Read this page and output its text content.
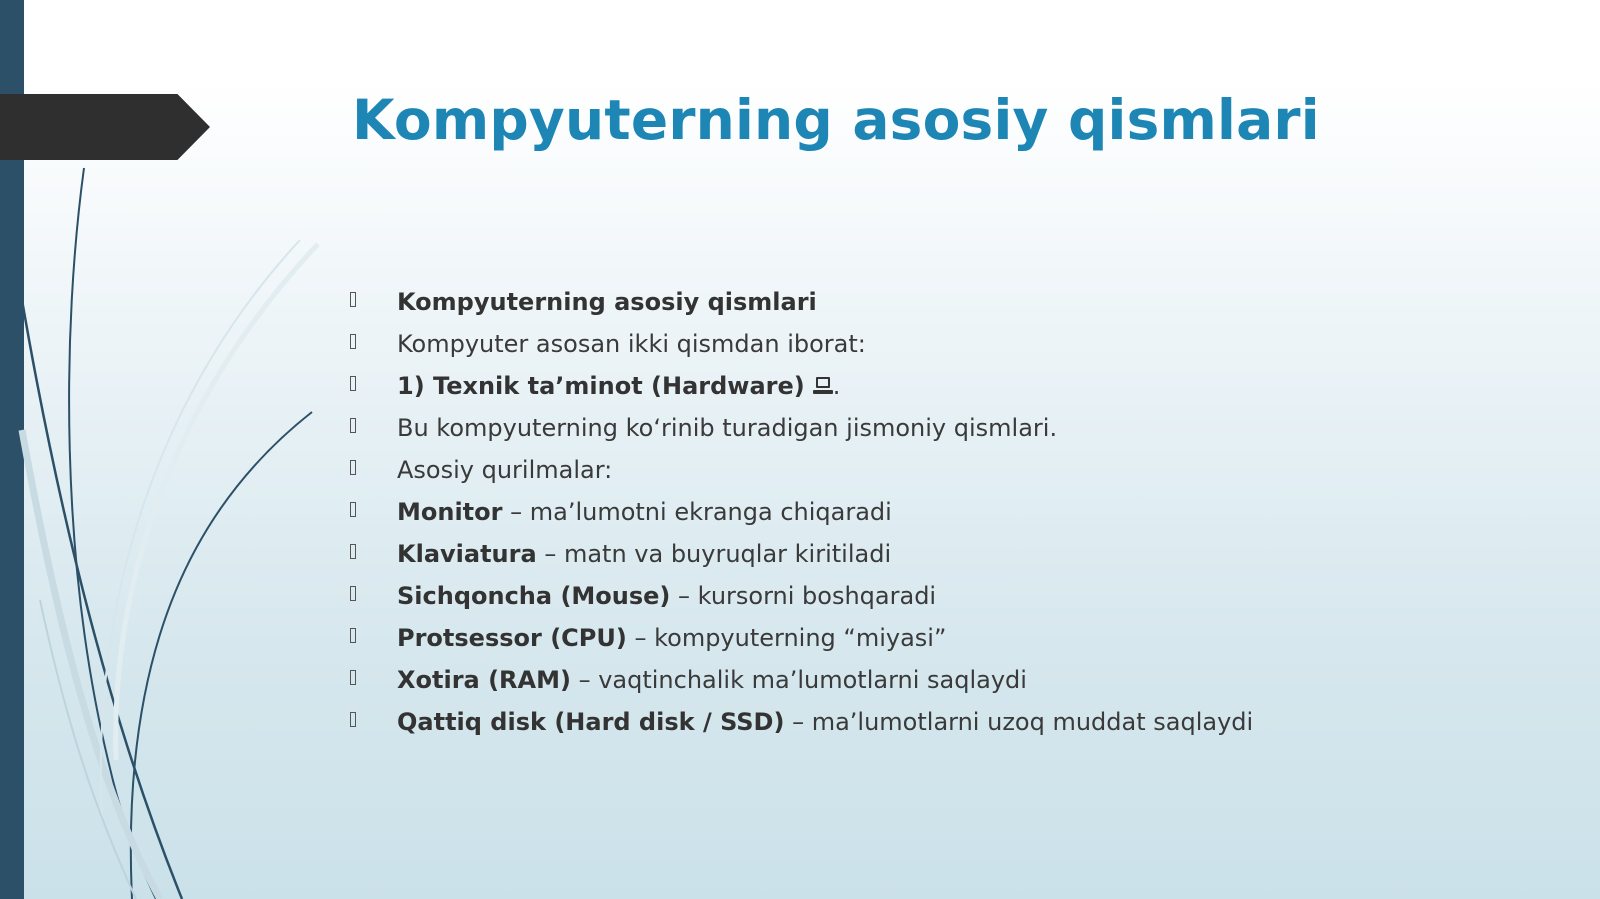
Kompyuterning asosiy qismlari
Kompyuterning asosiy qismlari
Kompyuter asosan ikki qismdan iborat:
1) Texnik ta’minot (Hardware) .
Bu kompyuterning ko‘rinib turadigan jismoniy qismlari.
Asosiy qurilmalar:
Monitor – ma’lumotni ekranga chiqaradi
Klaviatura – matn va buyruqlar kiritiladi
Sichqoncha (Mouse) – kursorni boshqaradi
Protsessor (CPU) – kompyuterning “miyasi”
Xotira (RAM) – vaqtinchalik ma’lumotlarni saqlaydi
Qattiq disk (Hard disk / SSD) – ma’lumotlarni uzoq muddat saqlaydi
